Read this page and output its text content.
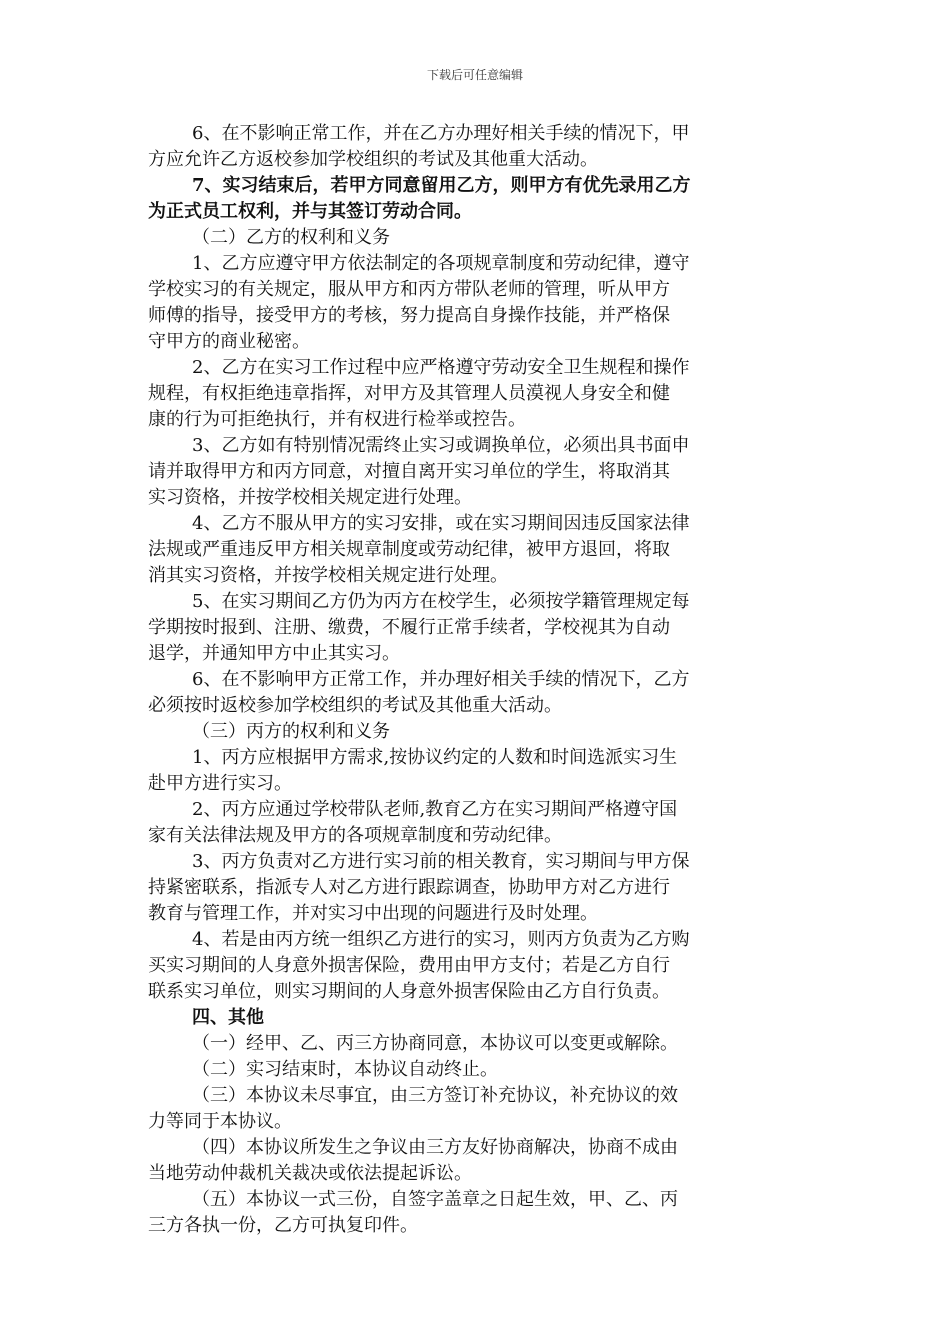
下载后可任意编辑

6、在不影响正常工作，并在乙方办理好相关手续的情况下，甲

方应允许乙方返校参加学校组织的考试及其他重大活动。

7、实习结束后，若甲方同意留用乙方，则甲方有优先录用乙方

为正式员工权利，并与其签订劳动合同。

（二）乙方的权利和义务

1、乙方应遵守甲方依法制定的各项规章制度和劳动纪律，遵守

学校实习的有关规定，服从甲方和丙方带队老师的管理，听从甲方

师傅的指导，接受甲方的考核，努力提高自身操作技能，并严格保

守甲方的商业秘密。

2、乙方在实习工作过程中应严格遵守劳动安全卫生规程和操作

规程，有权拒绝违章指挥，对甲方及其管理人员漠视人身安全和健

康的行为可拒绝执行，并有权进行检举或控告。

3、乙方如有特别情况需终止实习或调换单位，必须出具书面申

请并取得甲方和丙方同意，对擅自离开实习单位的学生，将取消其

实习资格，并按学校相关规定进行处理。

4、乙方不服从甲方的实习安排，或在实习期间因违反国家法律

法规或严重违反甲方相关规章制度或劳动纪律，被甲方退回，将取

消其实习资格，并按学校相关规定进行处理。

5、在实习期间乙方仍为丙方在校学生，必须按学籍管理规定每

学期按时报到、注册、缴费，不履行正常手续者，学校视其为自动

退学，并通知甲方中止其实习。

6、在不影响甲方正常工作，并办理好相关手续的情况下，乙方

必须按时返校参加学校组织的考试及其他重大活动。

（三）丙方的权利和义务

1、丙方应根据甲方需求,按协议约定的人数和时间选派实习生

赴甲方进行实习。

2、丙方应通过学校带队老师,教育乙方在实习期间严格遵守国

家有关法律法规及甲方的各项规章制度和劳动纪律。

3、丙方负责对乙方进行实习前的相关教育，实习期间与甲方保

持紧密联系，指派专人对乙方进行跟踪调查，协助甲方对乙方进行

教育与管理工作，并对实习中出现的问题进行及时处理。

4、若是由丙方统一组织乙方进行的实习，则丙方负责为乙方购

买实习期间的人身意外损害保险，费用由甲方支付；若是乙方自行

联系实习单位，则实习期间的人身意外损害保险由乙方自行负责。

四、其他

（一）经甲、乙、丙三方协商同意，本协议可以变更或解除。

（二）实习结束时，本协议自动终止。

（三）本协议未尽事宜，由三方签订补充协议，补充协议的效

力等同于本协议。

（四）本协议所发生之争议由三方友好协商解决，协商不成由

当地劳动仲裁机关裁决或依法提起诉讼。

（五）本协议一式三份，自签字盖章之日起生效，甲、乙、丙

三方各执一份，乙方可执复印件。
